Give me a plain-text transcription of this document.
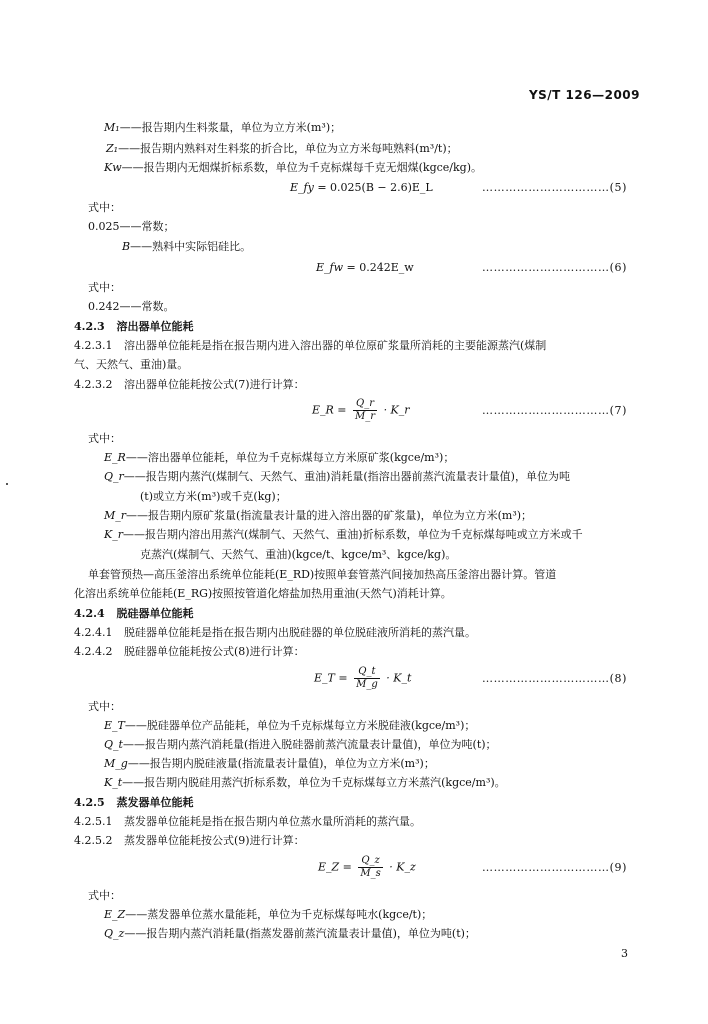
YS/T 126—2009
M₁——报告期内生料浆量，单位为立方米(m³)；
Z₁——报告期内熟料对生料浆的折合比，单位为立方米每吨熟料(m³/t)；
Kw——报告期内无烟煤折标系数，单位为千克标煤每千克无烟煤(kgce/kg)。
E_fy = 0.025(B − 2.6)E_L	……………………………(5)
式中：
0.025——常数；
B——熟料中实际铝硅比。
E_fw = 0.242E_w	……………………………(6)
式中：
0.242——常数。
4.2.3 溶出器单位能耗
4.2.3.1 溶出器单位能耗是指在报告期内进入溶出器的单位原矿浆量所消耗的主要能源蒸汽(煤制
气、天然气、重油)量。
4.2.3.2 溶出器单位能耗按公式(7)进行计算：
E_R = $\frac{Q\_r}{M\_r}$ · K_r	……………………………(7)
式中：
E_R——溶出器单位能耗，单位为千克标煤每立方米原矿浆(kgce/m³)；
Q_r——报告期内蒸汽(煤制气、天然气、重油)消耗量(指溶出器前蒸汽流量表计量值)，单位为吨
(t)或立方米(m³)或千克(kg)；
M_r——报告期内原矿浆量(指流量表计量的进入溶出器的矿浆量)，单位为立方米(m³)；
K_r——报告期内溶出用蒸汽(煤制气、天然气、重油)折标系数，单位为千克标煤每吨或立方米或千
克蒸汽(煤制气、天然气、重油)(kgce/t、kgce/m³、kgce/kg)。
单套管预热—高压釜溶出系统单位能耗(E_RD)按照单套管蒸汽间接加热高压釜溶出器计算。管道
化溶出系统单位能耗(E_RG)按照按管道化熔盐加热用重油(天然气)消耗计算。
4.2.4 脱硅器单位能耗
4.2.4.1 脱硅器单位能耗是指在报告期内出脱硅器的单位脱硅液所消耗的蒸汽量。
4.2.4.2 脱硅器单位能耗按公式(8)进行计算：
E_T = $\frac{Q\_t}{M\_g}$ · K_t	……………………………(8)
式中：
E_T——脱硅器单位产品能耗，单位为千克标煤每立方米脱硅液(kgce/m³)；
Q_t——报告期内蒸汽消耗量(指进入脱硅器前蒸汽流量表计量值)，单位为吨(t)；
M_g——报告期内脱硅液量(指流量表计量值)，单位为立方米(m³)；
K_t——报告期内脱硅用蒸汽折标系数，单位为千克标煤每立方米蒸汽(kgce/m³)。
4.2.5 蒸发器单位能耗
4.2.5.1 蒸发器单位能耗是指在报告期内单位蒸水量所消耗的蒸汽量。
4.2.5.2 蒸发器单位能耗按公式(9)进行计算：
E_Z = $\frac{Q\_z}{M\_s}$ · K_z	……………………………(9)
式中：
E_Z——蒸发器单位蒸水量能耗，单位为千克标煤每吨水(kgce/t)；
Q_z——报告期内蒸汽消耗量(指蒸发器前蒸汽流量表计量值)，单位为吨(t)；
3
